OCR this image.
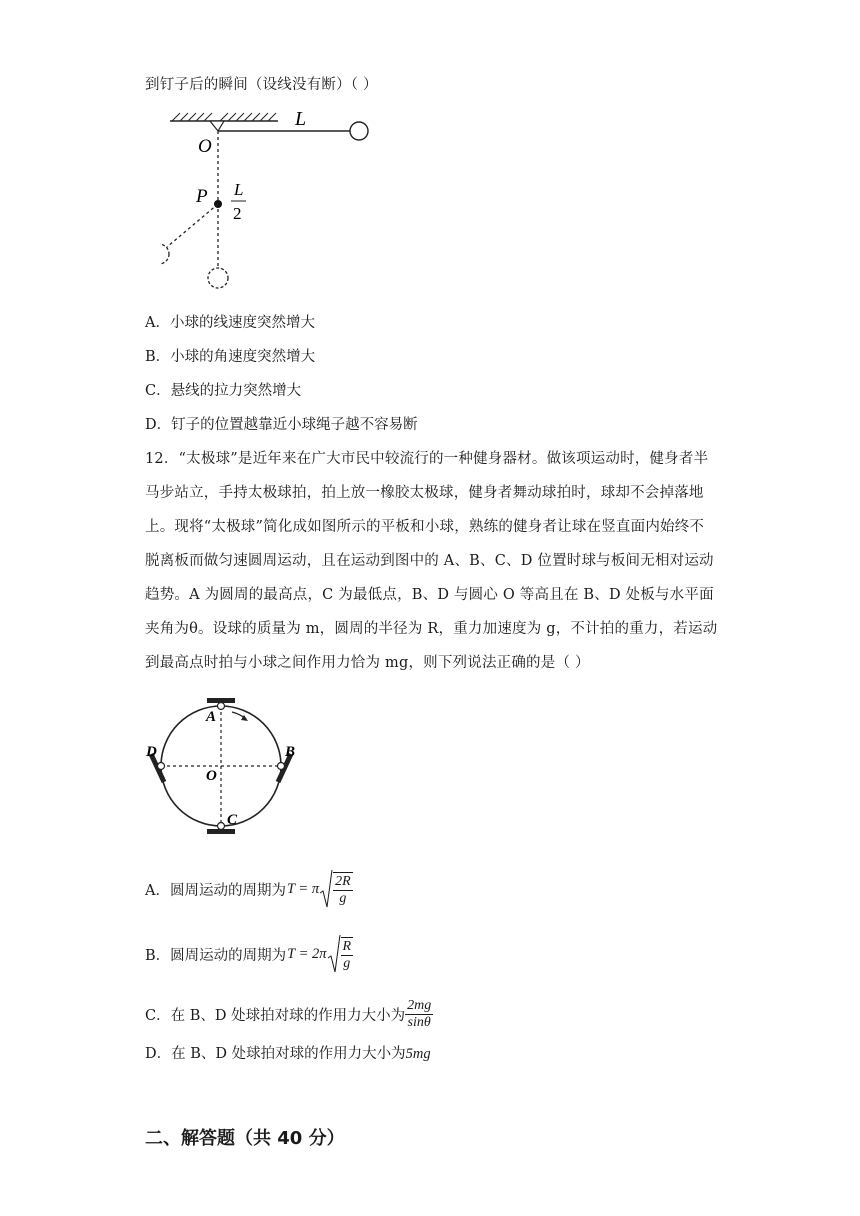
到钉子后的瞬间（设线没有断）（ ）
L
O
P L
2
A．小球的线速度突然增大
B．小球的角速度突然增大
C．悬线的拉力突然增大
D．钉子的位置越靠近小球绳子越不容易断
12．“太极球”是近年来在广大市民中较流行的一种健身器材。做该项运动时，健身者半
马步站立，手持太极球拍，拍上放一橡胶太极球，健身者舞动球拍时，球却不会掉落地
上。现将“太极球”简化成如图所示的平板和小球，熟练的健身者让球在竖直面内始终不
脱离板而做匀速圆周运动，且在运动到图中的 A、B、C、D 位置时球与板间无相对运动
趋势。A 为圆周的最高点，C 为最低点，B、D 与圆心 O 等高且在 B、D 处板与水平面
夹角为θ。设球的质量为 m，圆周的半径为 R，重力加速度为 g，不计拍的重力，若运动
到最高点时拍与小球之间作用力恰为 mg，则下列说法正确的是（ ）
A
B
C
D
O
A．圆周运动的周期为 T = π $\frac{2R}{g}$
B．圆周运动的周期为 $T = 2\pi \frac{R}{g}$
C．在 B、D 处球拍对球的作用力大小为 $\frac{2mg}{\sin\theta}$
D．在 B、D 处球拍对球的作用力大小为5mg
二、解答题（共 40 分）
